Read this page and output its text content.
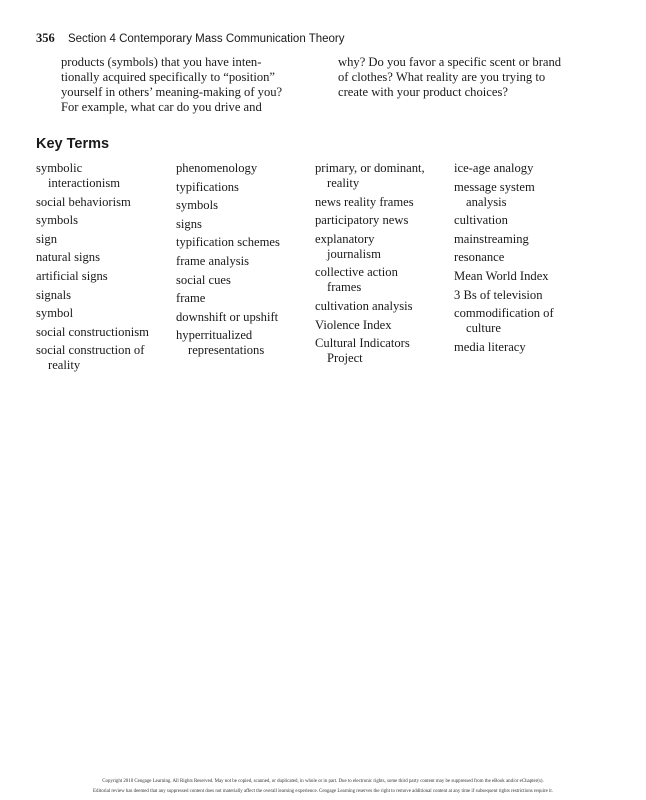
356 Section 4 Contemporary Mass Communication Theory
products (symbols) that you have inten-
tionally acquired specifically to “position”
yourself in others’ meaning-making of you?
For example, what car do you drive and
why? Do you favor a specific scent or brand
of clothes? What reality are you trying to
create with your product choices?
Key Terms
symbolic
interactionism
social behaviorism
symbols
sign
natural signs
artificial signs
signals
symbol
social constructionism
social construction of
reality
phenomenology
typifications
symbols
signs
typification schemes
frame analysis
social cues
frame
downshift or upshift
hyperritualized
representations
primary, or dominant,
reality
news reality frames
participatory news
explanatory
journalism
collective action
frames
cultivation analysis
Violence Index
Cultural Indicators
Project
ice-age analogy
message system
analysis
cultivation
mainstreaming
resonance
Mean World Index
3 Bs of television
commodification of
culture
media literacy
Copyright 2010 Cengage Learning. All Rights Reserved. May not be copied, scanned, or duplicated, in whole or in part. Due to electronic rights, some third party content may be suppressed from the eBook and/or eChapter(s).
Editorial review has deemed that any suppressed content does not materially affect the overall learning experience. Cengage Learning reserves the right to remove additional content at any time if subsequent rights restrictions require it.
